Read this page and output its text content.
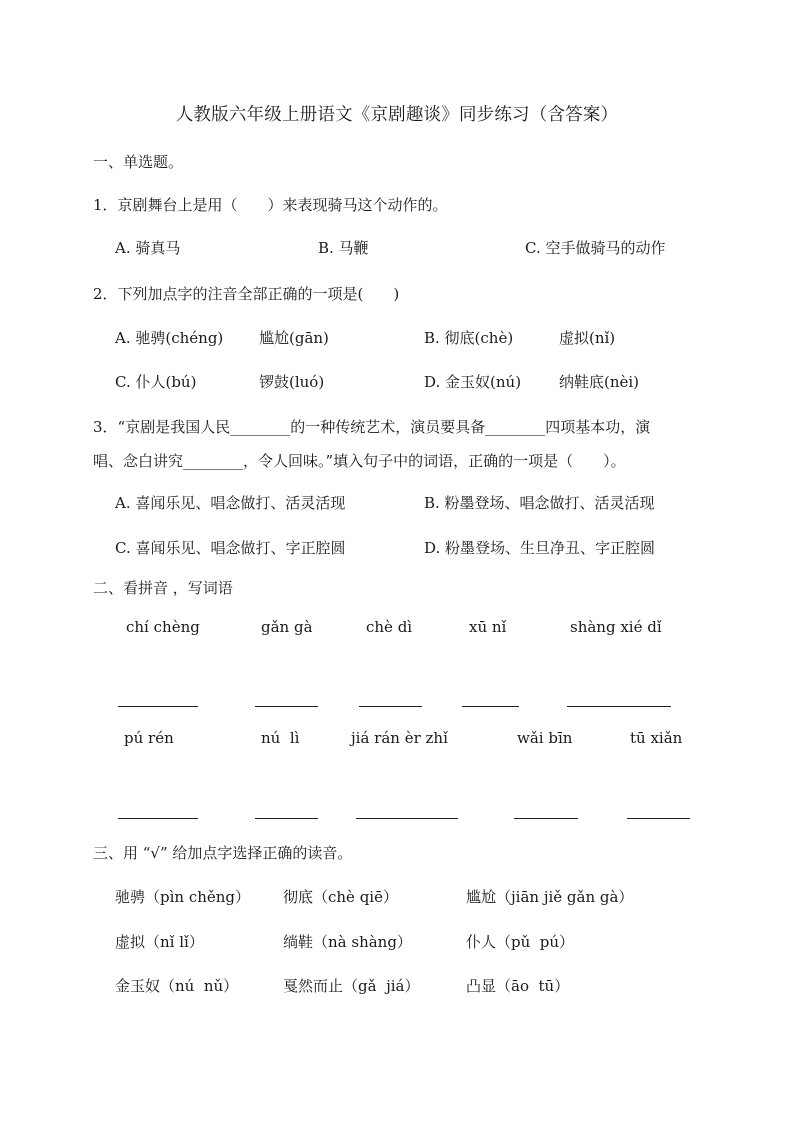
人教版六年级上册语文《京剧趣谈》同步练习（含答案）
一、单选题。
1．京剧舞台上是用（　　）来表现骑马这个动作的。
A. 骑真马	B. 马鞭	C. 空手做骑马的动作
2．下列加点字的注音全部正确的一项是(　　)
A. 驰骋(chéng) 尴尬(gān)	B. 彻底(chè)	虚拟(nǐ)
C. 仆人(bú)	锣鼓(luó)	D. 金玉奴(nú)	纳鞋底(nèi)
3．“京剧是我国人民________的一种传统艺术，演员要具备________四项基本功，演
唱、念白讲究________，令人回味。”填入句子中的词语，正确的一项是（　　）。
A. 喜闻乐见、唱念做打、活灵活现	B. 粉墨登场、唱念做打、活灵活现
C. 喜闻乐见、唱念做打、字正腔圆	D. 粉墨登场、生旦净丑、字正腔圆
二、看拼音 ，写词语
chí chèng	gǎn gà	chè dì	xū nǐ	shàng xié dǐ
pú rén	nú  lì	jiá rán èr zhǐ	wǎi bīn	tū xiǎn
三、用 “√” 给加点字选择正确的读音。
驰骋（pìn chěng） 彻底（chè qiē）	尴尬（jiān jiě gǎn gà）
虚拟（nǐ lǐ）	绱鞋（nà shàng）	仆人（pǔ  pú）
金玉奴（nú  nǔ）	戛然而止（gǎ  jiá）	凸显（āo  tū）
